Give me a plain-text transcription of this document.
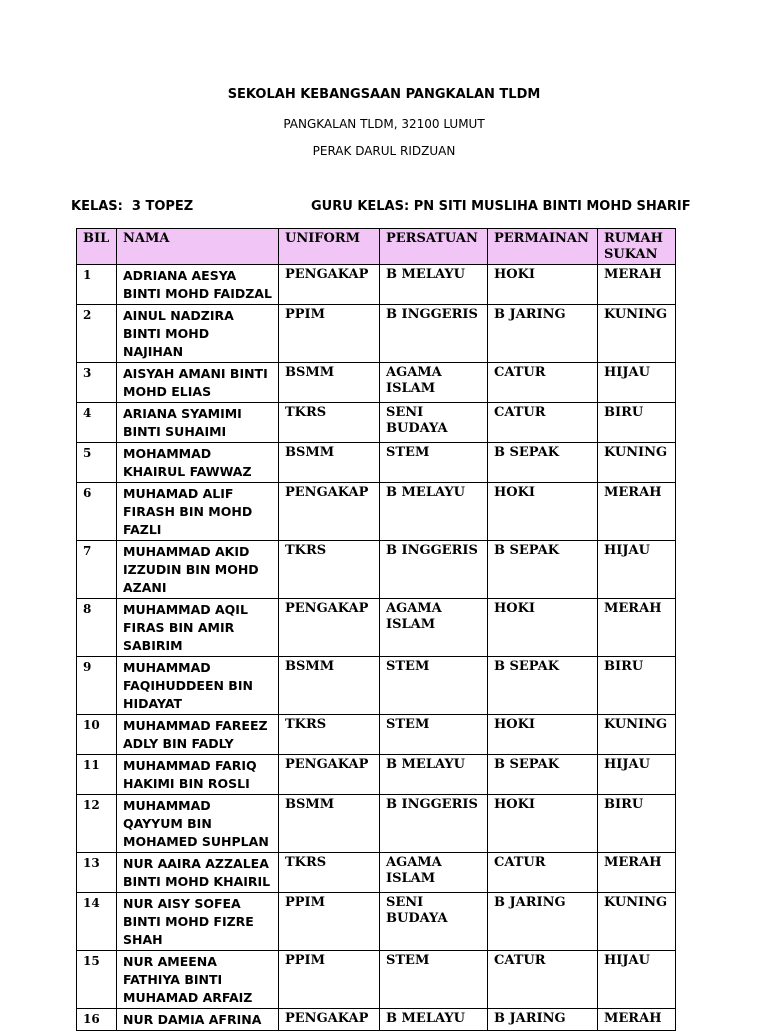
SEKOLAH KEBANGSAAN PANGKALAN TLDM
PANGKALAN TLDM, 32100 LUMUT
PERAK DARUL RIDZUAN
KELAS:  3 TOPEZ	GURU KELAS: PN SITI MUSLIHA BINTI MOHD SHARIF
BIL	NAMA	UNIFORM	PERSATUAN	PERMAINAN	RUMAH SUKAN
1	ADRIANA AESYA BINTI MOHD FAIDZAL	PENGAKAP	B MELAYU	HOKI	MERAH
2	AINUL NADZIRA BINTI MOHD NAJIHAN	PPIM	B INGGERIS	B JARING	KUNING
3	AISYAH AMANI BINTI MOHD ELIAS	BSMM	AGAMA ISLAM	CATUR	HIJAU
4	ARIANA SYAMIMI BINTI SUHAIMI	TKRS	SENI BUDAYA	CATUR	BIRU
5	MOHAMMAD KHAIRUL FAWWAZ	BSMM	STEM	B SEPAK	KUNING
6	MUHAMAD ALIF FIRASH BIN MOHD FAZLI	PENGAKAP	B MELAYU	HOKI	MERAH
7	MUHAMMAD AKID IZZUDIN BIN MOHD AZANI	TKRS	B INGGERIS	B SEPAK	HIJAU
8	MUHAMMAD AQIL FIRAS BIN AMIR SABIRIM	PENGAKAP	AGAMA ISLAM	HOKI	MERAH
9	MUHAMMAD FAQIHUDDEEN BIN HIDAYAT	BSMM	STEM	B SEPAK	BIRU
10	MUHAMMAD FAREEZ ADLY BIN FADLY	TKRS	STEM	HOKI	KUNING
11	MUHAMMAD FARIQ HAKIMI BIN ROSLI	PENGAKAP	B MELAYU	B SEPAK	HIJAU
12	MUHAMMAD QAYYUM BIN MOHAMED SUHPLAN	BSMM	B INGGERIS	HOKI	BIRU
13	NUR AAIRA AZZALEA BINTI MOHD KHAIRIL	TKRS	AGAMA ISLAM	CATUR	MERAH
14	NUR AISY SOFEA BINTI MOHD FIZRE SHAH	PPIM	SENI BUDAYA	B JARING	KUNING
15	NUR AMEENA FATHIYA BINTI MUHAMAD ARFAIZ	PPIM	STEM	CATUR	HIJAU
16	NUR DAMIA AFRINA	PENGAKAP	B MELAYU	B JARING	MERAH
